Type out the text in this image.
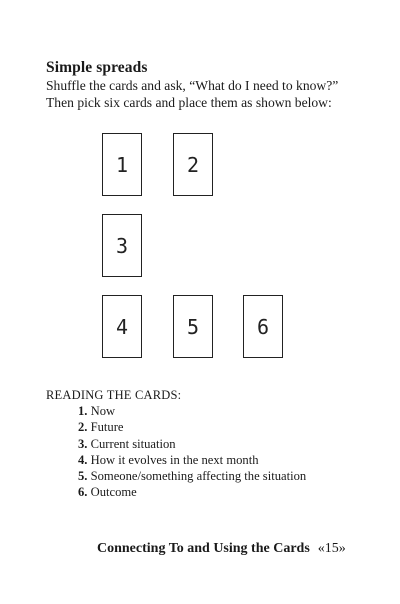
Simple spreads
Shuffle the cards and ask, “What do I need to know?”
Then pick six cards and place them as shown below:
1	2
3
4	5	6
READING THE CARDS:
1. Now
2. Future
3. Current situation
4. How it evolves in the next month
5. Someone/something affecting the situation
6. Outcome
Connecting To and Using the Cards «15»
